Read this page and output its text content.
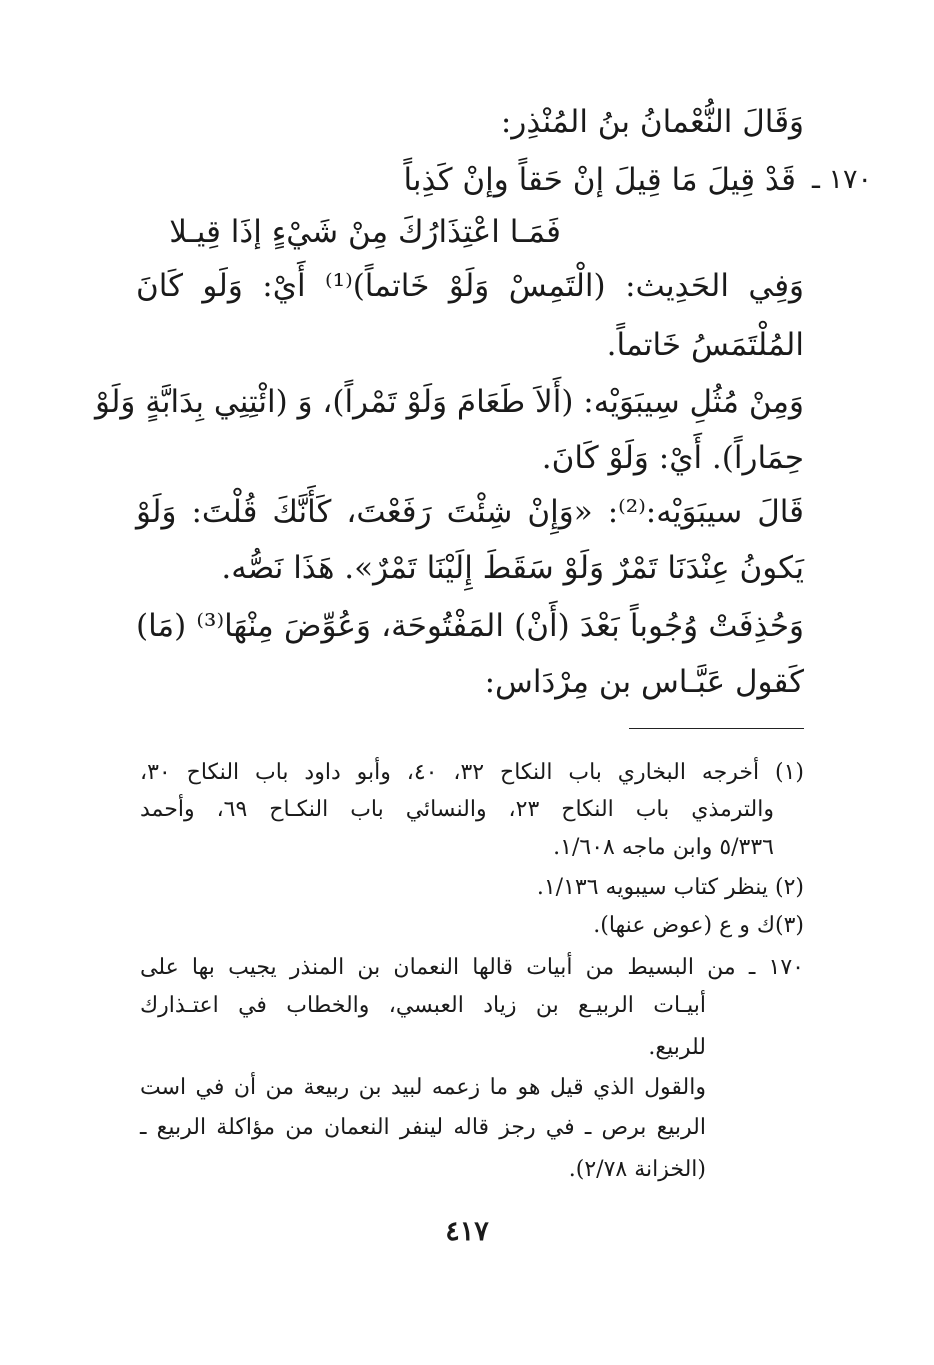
وَقَالَ النُّعْمانُ بنُ المُنْذِر:
١٧٠ ـ
قَدْ قِيلَ مَا قِيلَ إنْ حَقاً وإنْ كَذِباً
فَمَـا اعْتِذَارُكَ مِنْ شَيْءٍ إذَا قِيـلا
وَفِي الحَدِيث: (الْتَمِسْ وَلَوْ خَاتماً)⁽¹⁾ أَيْ: وَلَو كَانَ
المُلْتَمَسُ خَاتماً.
وَمِنْ مُثُلِ سِيبَوَيْه: (أَلاَ طَعَامَ وَلَوْ تَمْراً)، وَ (ائْتِنِي بِدَابَّةٍ وَلَوْ
حِمَاراً). أَيْ: وَلَوْ كَانَ.
قَالَ سيبَوَيْه:⁽²⁾: «وَإِنْ شِئْتَ رَفَعْتَ، كَأَنَّكَ قُلْتَ: وَلَوْ
يَكونُ عِنْدَنَا تَمْرٌ وَلَوْ سَقَطَ إِلَيْنَا تَمْرٌ». هَذَا نَصُّه.
وَحُذِفَتْ وُجُوباً بَعْدَ (أَنْ) المَفْتُوحَة، وَعُوِّضَ مِنْهَا⁽³⁾ (مَا)
كَقول عَبَّـاس بن مِرْدَاس:
(١) أخرجه البخاري باب النكاح ٣٢، ٤٠، وأبو داود باب النكاح ٣٠،
والترمذي باب النكاح ٢٣، والنسائي باب النكـاح ٦٩، وأحمد
٥/٣٣٦ وابن ماجه ١/٦٠٨.
(٢) ينظر كتاب سيبويه ١/١٣٦.
(٣)ك و ع (عوض عنها).
١٧٠ ـ من البسيط من أبيات قالها النعمان بن المنذر يجيب بها على
أبيـات الربيـع بن زياد العبسي، والخطاب في اعتـذارك
للربيع.
والقول الذي قيل هو ما زعمه لبيد بن ربيعة من أن في است
الربيع برص ـ في رجز قاله لينفر النعمان من مؤاكلة الربيع ـ
(الخزانة ٢/٧٨).
٤١٧
